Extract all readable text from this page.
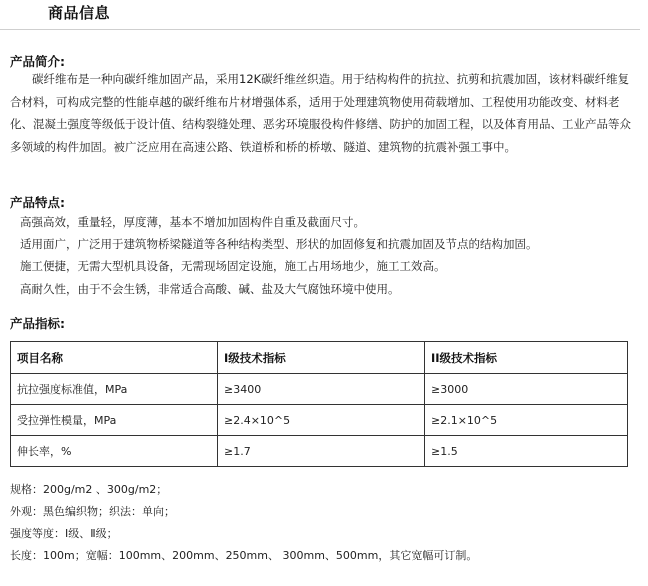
商品信息
产品简介:
碳纤维布是一种向碳纤维加固产品，采用12K碳纤维丝织造。用于结构构件的抗拉、抗剪和抗震加固，该材料碳纤维复合材料，可构成完整的性能卓越的碳纤维布片材增强体系，适用于处理建筑物使用荷载增加、工程使用功能改变、材料老化、混凝土强度等级低于设计值、结构裂缝处理、恶劣环境服役构件修缮、防护的加固工程，以及体育用品、工业产品等众多领域的构件加固。被广泛应用在高速公路、铁道桥和桥的桥墩、隧道、建筑物的抗震补强工事中。
产品特点:
高强高效，重量轻，厚度薄，基本不增加加固构件自重及截面尺寸。
适用面广，广泛用于建筑物桥梁隧道等各种结构类型、形状的加固修复和抗震加固及节点的结构加固。
施工便捷，无需大型机具设备，无需现场固定设施，施工占用场地少，施工工效高。
高耐久性，由于不会生锈，非常适合高酸、碱、盐及大气腐蚀环境中使用。
产品指标:
项目名称	I级技术指标	II级技术指标
抗拉强度标准值，MPa	≥3400	≥3000
受拉弹性模量，MPa	≥2.4×10^5	≥2.1×10^5
伸长率，%	≥1.7	≥1.5
规格：200g/m2 、300g/m2；
外观：黑色编织物；织法：单向；
强度等度：Ⅰ级、Ⅱ级；
长度：100m；宽幅：100mm、200mm、250mm、 300mm、500mm，其它宽幅可订制。
